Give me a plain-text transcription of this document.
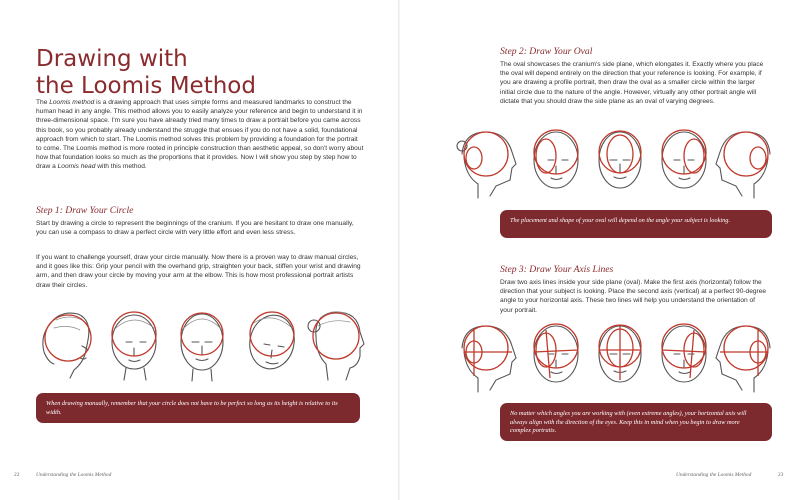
Drawing with
the Loomis Method
The Loomis method is a drawing approach that uses simple forms and measured landmarks to construct the human head in any angle. This method allows you to easily analyze your reference and begin to understand it in three-dimensional space. I'm sure you have already tried many times to draw a portrait before you came across this book, so you probably already understand the struggle that ensues if you do not have a solid, foundational approach from which to start. The Loomis method solves this problem by providing a foundation for the portrait to come. The Loomis method is more rooted in principle construction than aesthetic appeal, so don't worry about how that foundation looks so much as the proportions that it provides. Now I will show you step by step how to draw a Loomis head with this method.
Step 1: Draw Your Circle
Start by drawing a circle to represent the beginnings of the cranium. If you are hesitant to draw one manually, you can use a compass to draw a perfect circle with very little effort and even less stress.
If you want to challenge yourself, draw your circle manually. Now there is a proven way to draw manual circles, and it goes like this: Grip your pencil with the overhand grip, straighten your back, stiffen your wrist and drawing arm, and then draw your circle by moving your arm at the elbow. This is how most professional portrait artists draw their circles.
When drawing manually, remember that your circle does not have to be perfect so long as its height is relative to its width.
22	Understanding the Loomis Method
Step 2: Draw Your Oval
The oval showcases the cranium's side plane, which elongates it. Exactly where you place the oval will depend entirely on the direction that your reference is looking. For example, if you are drawing a profile portrait, then draw the oval as a smaller circle within the larger initial circle due to the nature of the angle. However, virtually any other portrait angle will dictate that you should draw the side plane as an oval of varying degrees.
The placement and shape of your oval will depend on the angle your subject is looking.
Step 3: Draw Your Axis Lines
Draw two axis lines inside your side plane (oval). Make the first axis (horizontal) follow the direction that your subject is looking. Place the second axis (vertical) at a perfect 90-degree angle to your horizontal axis. These two lines will help you understand the orientation of your portrait.
No matter which angles you are working with (even extreme angles), your horizontal axis will always align with the direction of the eyes. Keep this in mind when you begin to draw more complex portraits.
Understanding the Loomis Method	23
